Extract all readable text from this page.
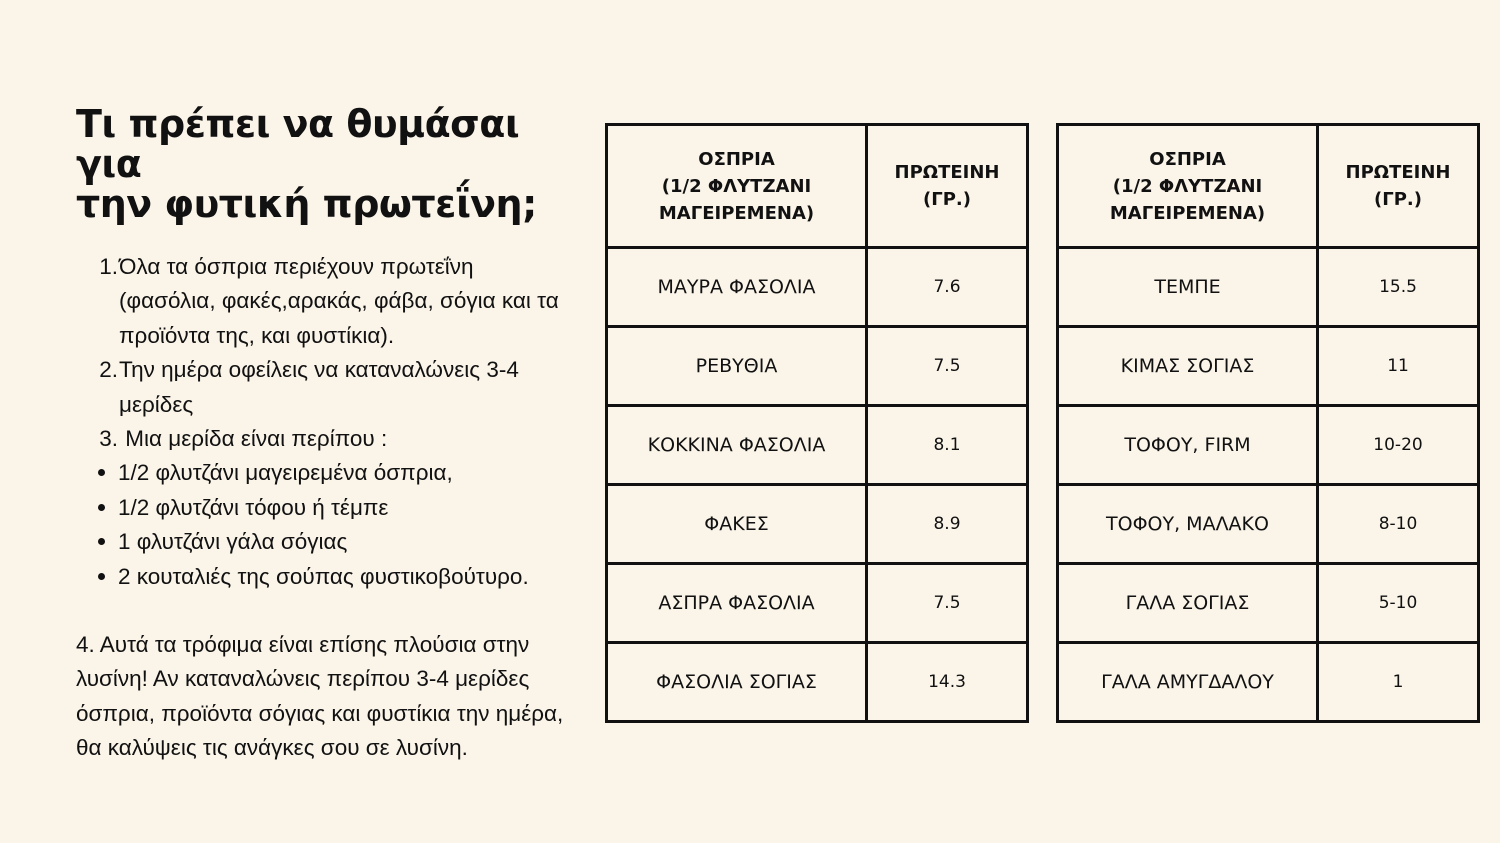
Τι πρέπει να θυμάσαι για
την φυτική πρωτεΐνη;
1. Όλα τα όσπρια περιέχουν πρωτεΐνη (φασόλια, φακές,αρακάς, φάβα, σόγια και τα προϊόντα της, και φυστίκια).
2. Την ημέρα οφείλεις να καταναλώνεις 3-4 μερίδες
3. Μια μερίδα είναι περίπου :
1/2 φλυτζάνι μαγειρεμένα όσπρια,
1/2 φλυτζάνι τόφου ή τέμπε
1 φλυτζάνι γάλα σόγιας
2 κουταλιές της σούπας φυστικοβούτυρο.
4. Αυτά τα τρόφιμα είναι επίσης πλούσια στην λυσίνη! Αν καταναλώνεις περίπου 3-4 μερίδες όσπρια, προϊόντα σόγιας και φυστίκια την ημέρα, θα καλύψεις τις ανάγκες σου σε λυσίνη.
ΟΣΠΡΙΑ
(1/2 ΦΛΥΤΖΑΝΙ
ΜΑΓΕΙΡΕΜΕΝΑ)	ΠΡΩΤΕΙΝΗ
(ΓΡ.)
ΜΑΥΡΑ ΦΑΣΟΛΙΑ	7.6
ΡΕΒΥΘΙΑ	7.5
ΚΟΚΚΙΝΑ ΦΑΣΟΛΙΑ	8.1
ΦΑΚΕΣ	8.9
ΑΣΠΡΑ ΦΑΣΟΛΙΑ	7.5
ΦΑΣΟΛΙΑ ΣΟΓΙΑΣ	14.3
ΟΣΠΡΙΑ
(1/2 ΦΛΥΤΖΑΝΙ
ΜΑΓΕΙΡΕΜΕΝΑ)	ΠΡΩΤΕΙΝΗ
(ΓΡ.)
ΤΕΜΠΕ	15.5
ΚΙΜΑΣ ΣΟΓΙΑΣ	11
ΤΟΦΟΥ, FIRM	10-20
ΤΟΦΟΥ, ΜΑΛΑΚΟ	8-10
ΓΑΛΑ ΣΟΓΙΑΣ	5-10
ΓΑΛΑ ΑΜΥΓΔΑΛΟΥ	1
